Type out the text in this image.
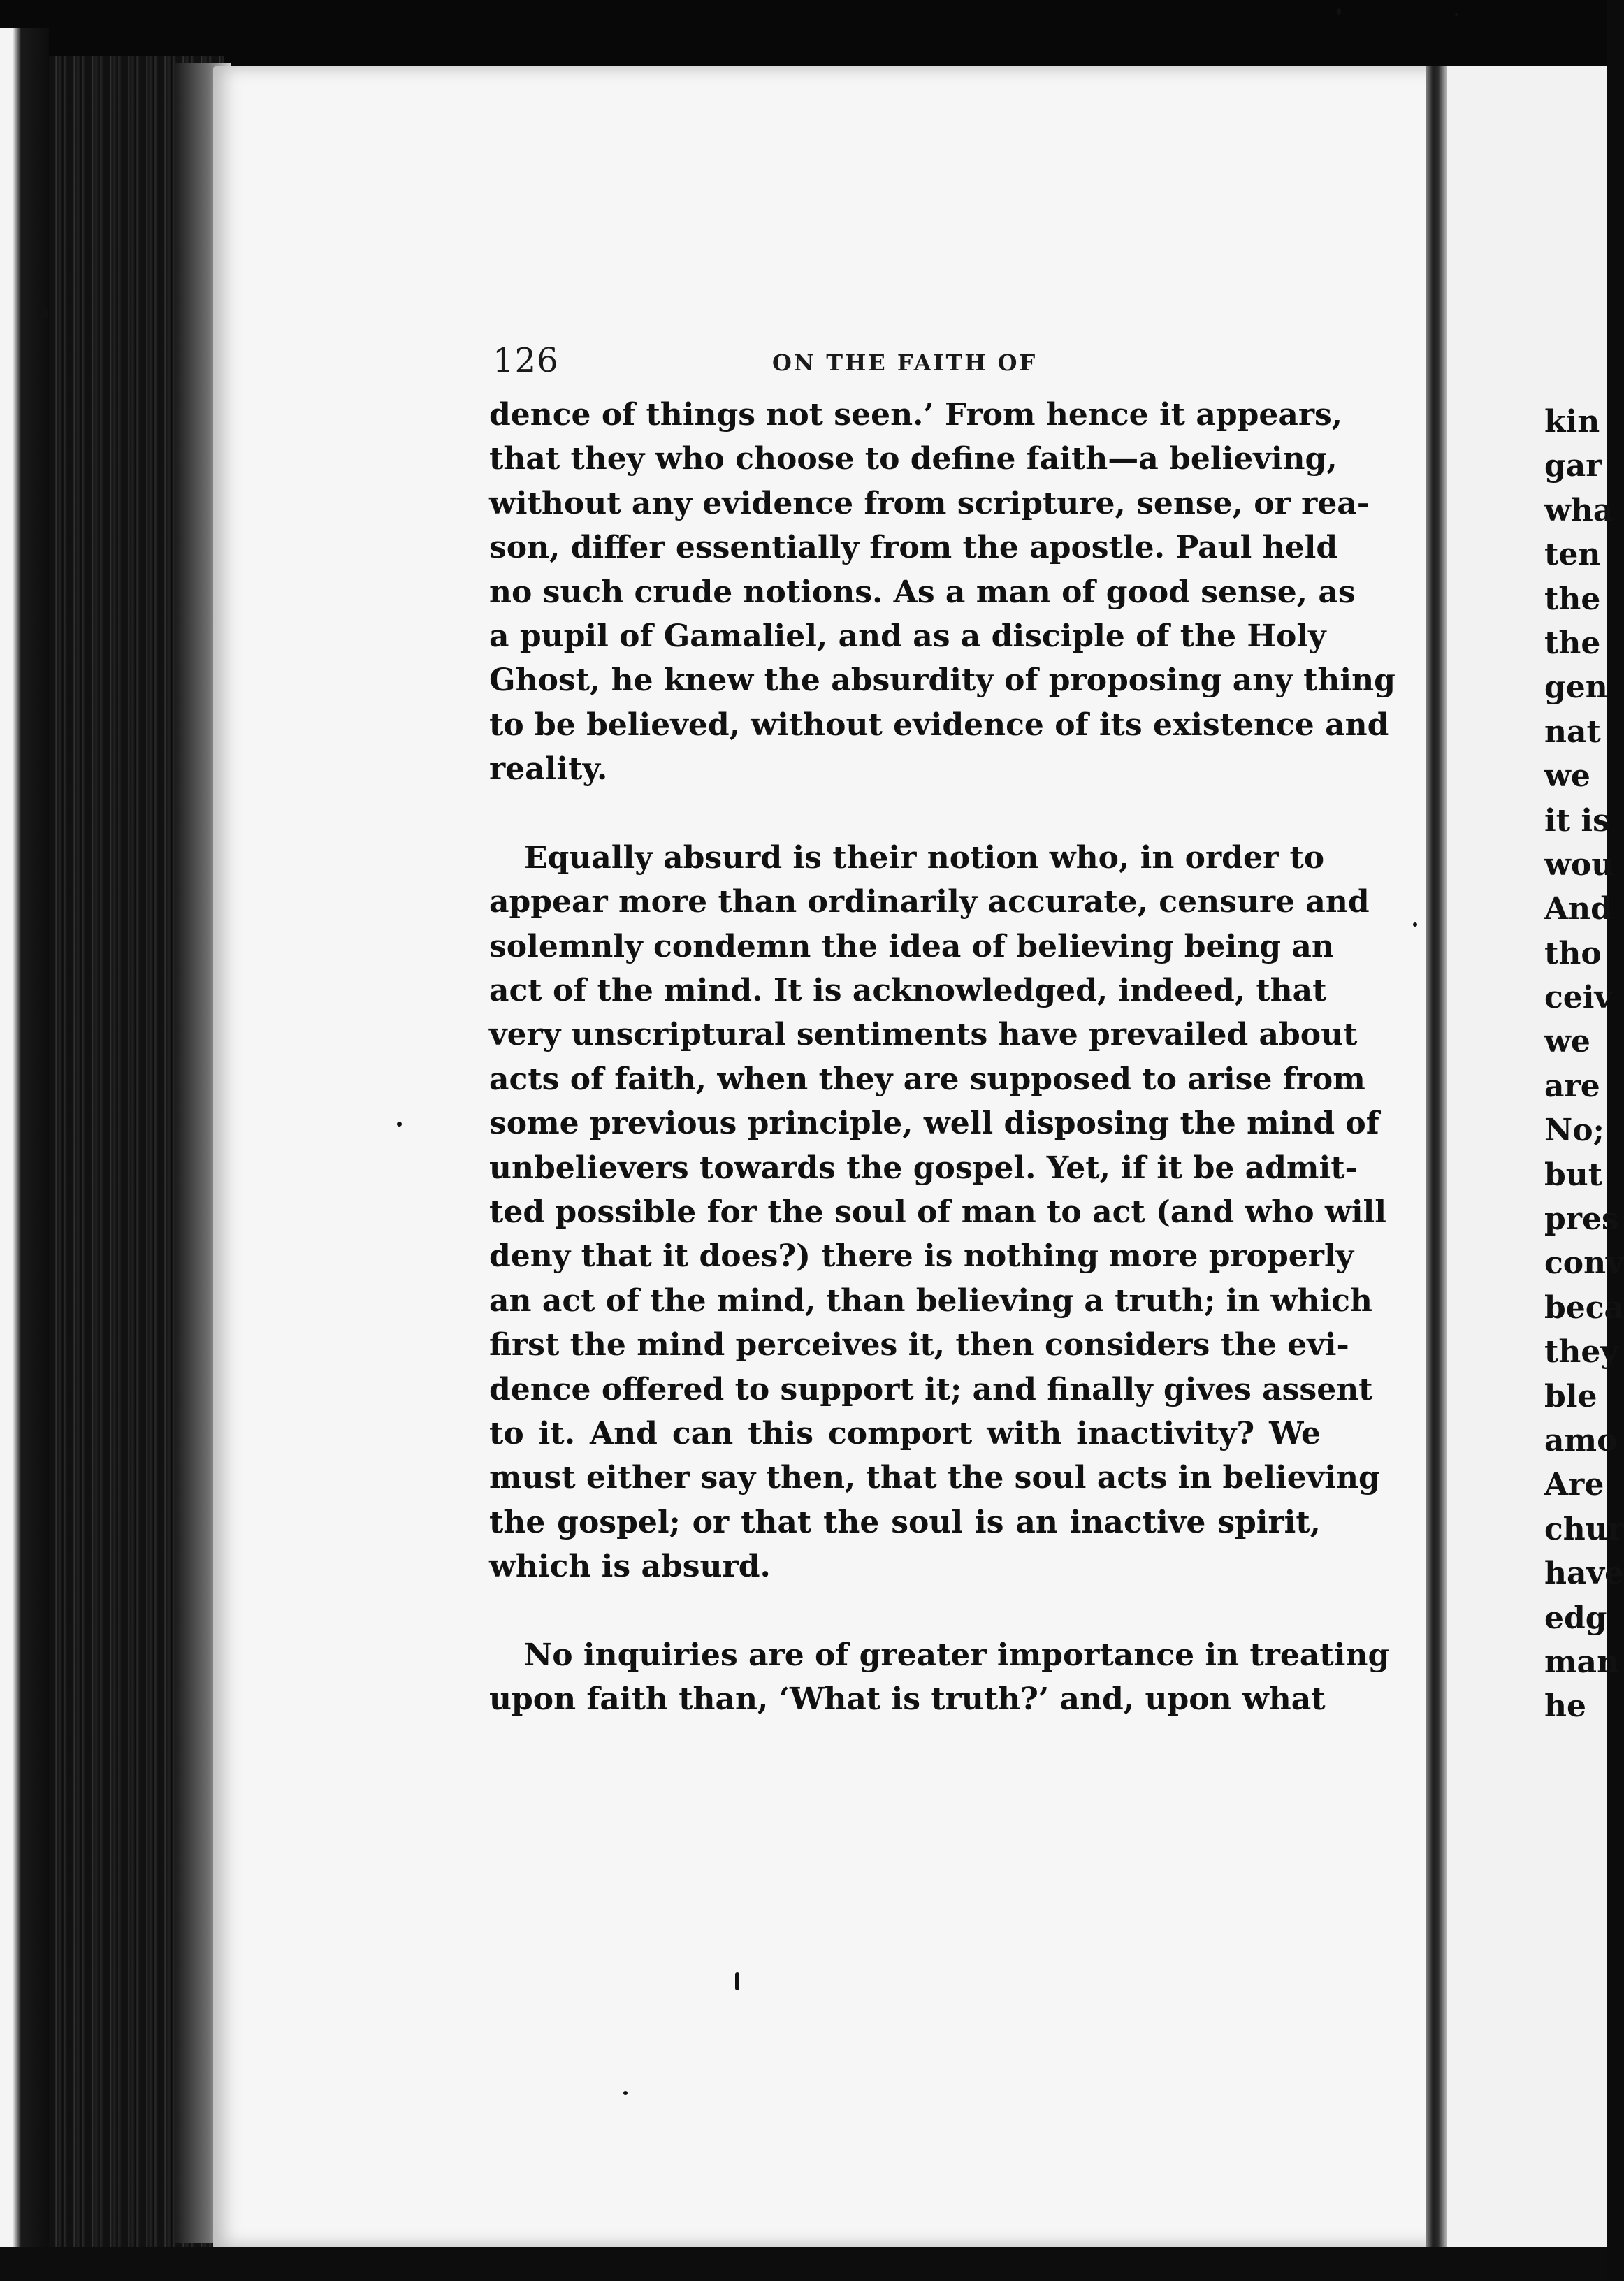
126	ON THE FAITH OF
dence of things not seen.’ From hence it appears,
that they who choose to define faith—a believing,
without any evidence from scripture, sense, or rea-
son, differ essentially from the apostle. Paul held
no such crude notions. As a man of good sense, as
a pupil of Gamaliel, and as a disciple of the Holy
Ghost, he knew the absurdity of proposing any thing
to be believed, without evidence of its existence and
reality.
Equally absurd is their notion who, in order to
appear more than ordinarily accurate, censure and
solemnly condemn the idea of believing being an
act of the mind. It is acknowledged, indeed, that
very unscriptural sentiments have prevailed about
acts of faith, when they are supposed to arise from
some previous principle, well disposing the mind of
unbelievers towards the gospel. Yet, if it be admit-
ted possible for the soul of man to act (and who will
deny that it does?) there is nothing more properly
an act of the mind, than believing a truth; in which
first the mind perceives it, then considers the evi-
dence offered to support it; and finally gives assent
to it. And can this comport with inactivity? We
must either say then, that the soul acts in believing
the gospel; or that the soul is an inactive spirit,
which is absurd.
No inquiries are of greater importance in treating
upon faith than, ‘What is truth?’ and, upon what
kin
gar
wha
ten
the
the
gen
nat
we
it is
wou
And
tho
ceiv
we
are
No;
but
pres
conv
beca
they
ble
amo
Are
chur
have
edg
man
he
